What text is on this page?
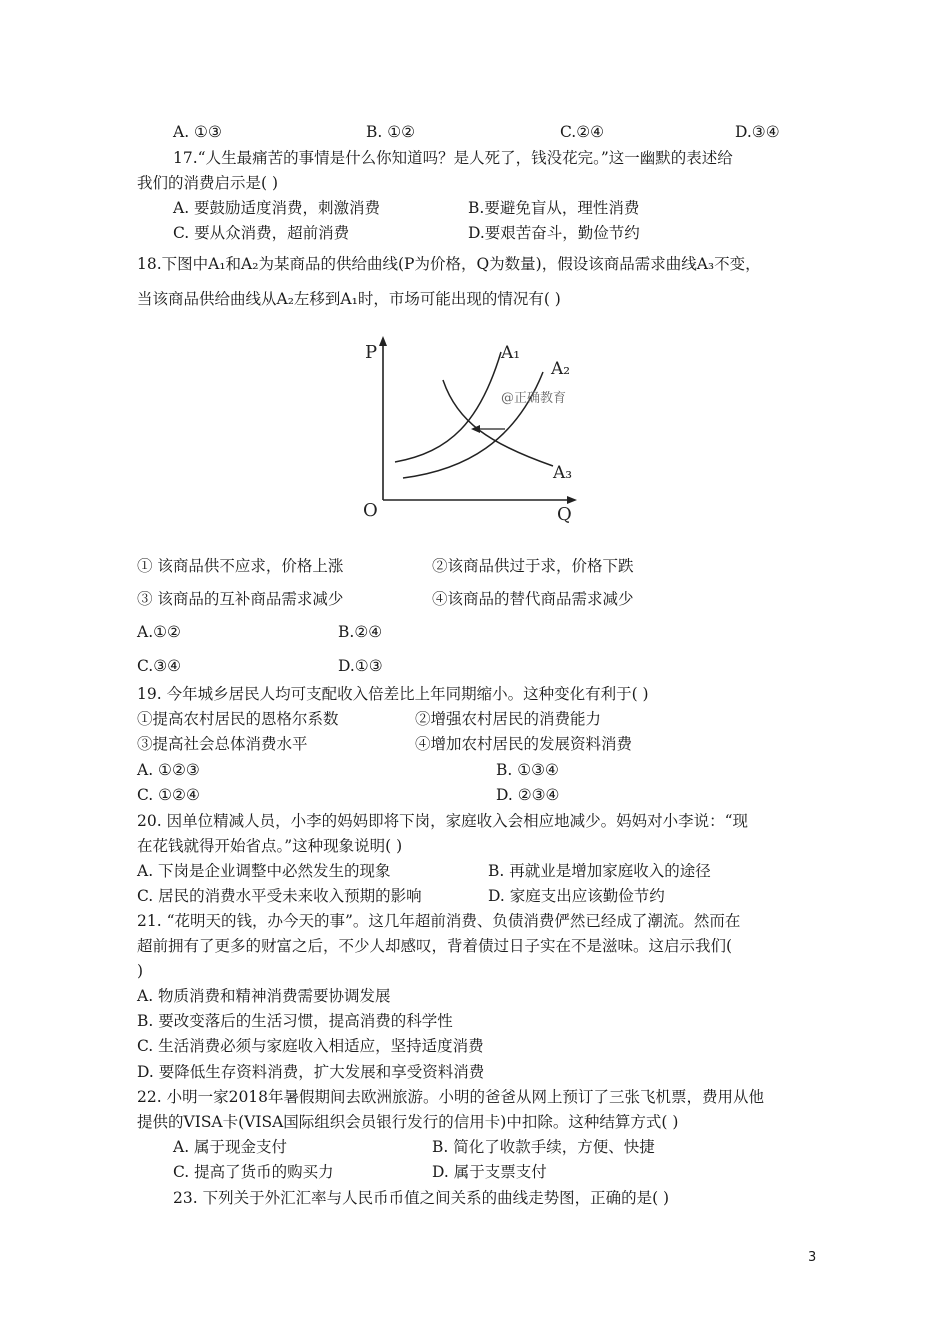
A. ①③	B. ①②	C.②④	D.③④
17.“人生最痛苦的事情是什么你知道吗？是人死了，钱没花完。”这一幽默的表述给
我们的消费启示是( )
A. 要鼓励适度消费，刺激消费	B.要避免盲从，理性消费
C. 要从众消费，超前消费	D.要艰苦奋斗，勤俭节约
18.下图中A₁和A₂为某商品的供给曲线(P为价格，Q为数量)，假设该商品需求曲线A₃不变，
当该商品供给曲线从A₂左移到A₁时，市场可能出现的情况有( )
P
Q
O
A₁
A₂
A₃
@正确教育
① 该商品供不应求，价格上涨	②该商品供过于求，价格下跌
③ 该商品的互补商品需求减少	④该商品的替代商品需求减少
A.①②	B.②④
C.③④	D.①③
19. 今年城乡居民人均可支配收入倍差比上年同期缩小。这种变化有利于( )
①提高农村居民的恩格尔系数	②增强农村居民的消费能力
③提高社会总体消费水平	④增加农村居民的发展资料消费
A. ①②③	B. ①③④
C. ①②④	D. ②③④
20. 因单位精减人员，小李的妈妈即将下岗，家庭收入会相应地减少。妈妈对小李说：“现
在花钱就得开始省点。”这种现象说明( )
A. 下岗是企业调整中必然发生的现象	B. 再就业是增加家庭收入的途径
C. 居民的消费水平受未来收入预期的影响	D. 家庭支出应该勤俭节约
21. “花明天的钱，办今天的事”。这几年超前消费、负债消费俨然已经成了潮流。然而在
超前拥有了更多的财富之后，不少人却感叹，背着债过日子实在不是滋味。这启示我们(
)
A. 物质消费和精神消费需要协调发展
B. 要改变落后的生活习惯，提高消费的科学性
C. 生活消费必须与家庭收入相适应，坚持适度消费
D. 要降低生存资料消费，扩大发展和享受资料消费
22. 小明一家2018年暑假期间去欧洲旅游。小明的爸爸从网上预订了三张飞机票，费用从他
提供的VISA卡(VISA国际组织会员银行发行的信用卡)中扣除。这种结算方式( )
A. 属于现金支付	B. 简化了收款手续，方便、快捷
C. 提高了货币的购买力	D. 属于支票支付
23. 下列关于外汇汇率与人民币币值之间关系的曲线走势图，正确的是( )
3
